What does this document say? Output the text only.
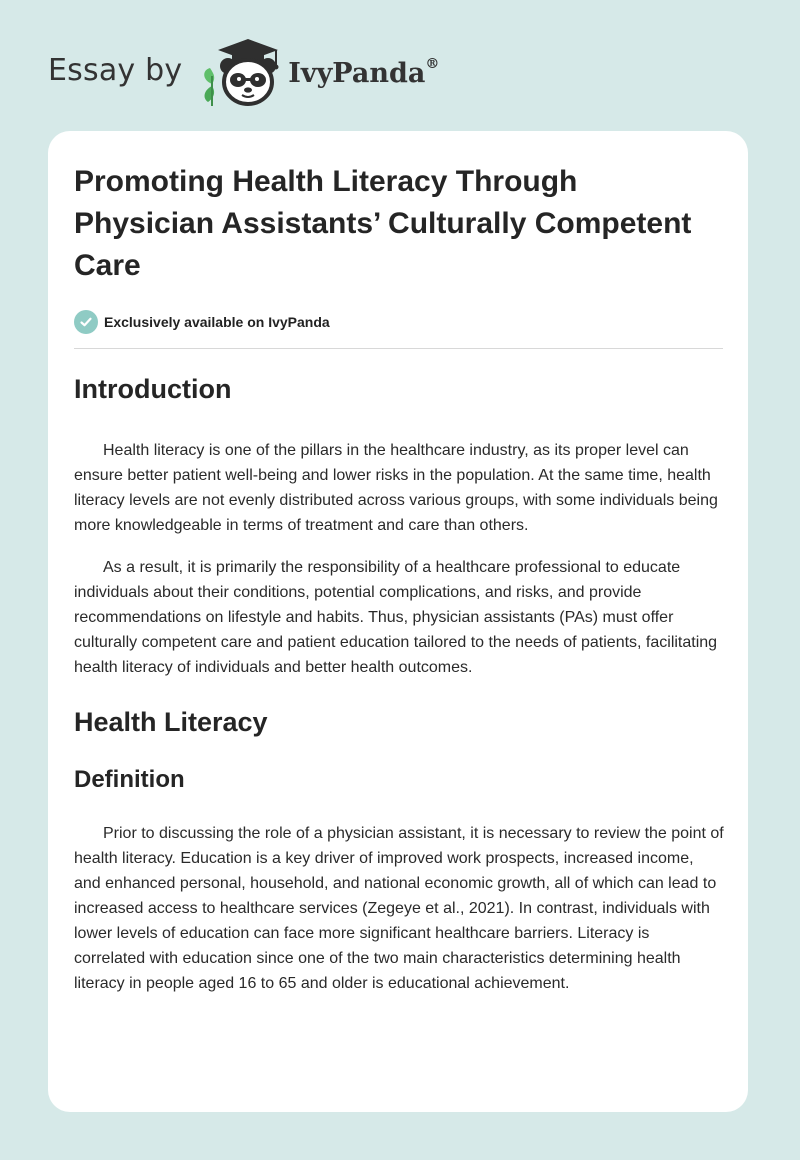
Essay by	IvyPanda®
Promoting Health Literacy Through Physician Assistants’ Culturally Competent Care
Exclusively available on IvyPanda
Introduction

Health literacy is one of the pillars in the healthcare industry, as its proper level can ensure better patient well-being and lower risks in the population. At the same time, health literacy levels are not evenly distributed across various groups, with some individuals being more knowledgeable in terms of treatment and care than others.

As a result, it is primarily the responsibility of a healthcare professional to educate individuals about their conditions, potential complications, and risks, and provide recommendations on lifestyle and habits. Thus, physician assistants (PAs) must offer culturally competent care and patient education tailored to the needs of patients, facilitating health literacy of individuals and better health outcomes.

Health Literacy
Definition

Prior to discussing the role of a physician assistant, it is necessary to review the point of health literacy. Education is a key driver of improved work prospects, increased income, and enhanced personal, household, and national economic growth, all of which can lead to increased access to healthcare services (Zegeye et al., 2021). In contrast, individuals with lower levels of education can face more significant healthcare barriers. Literacy is correlated with education since one of the two main characteristics determining health literacy in people aged 16 to 65 and older is educational achievement.
